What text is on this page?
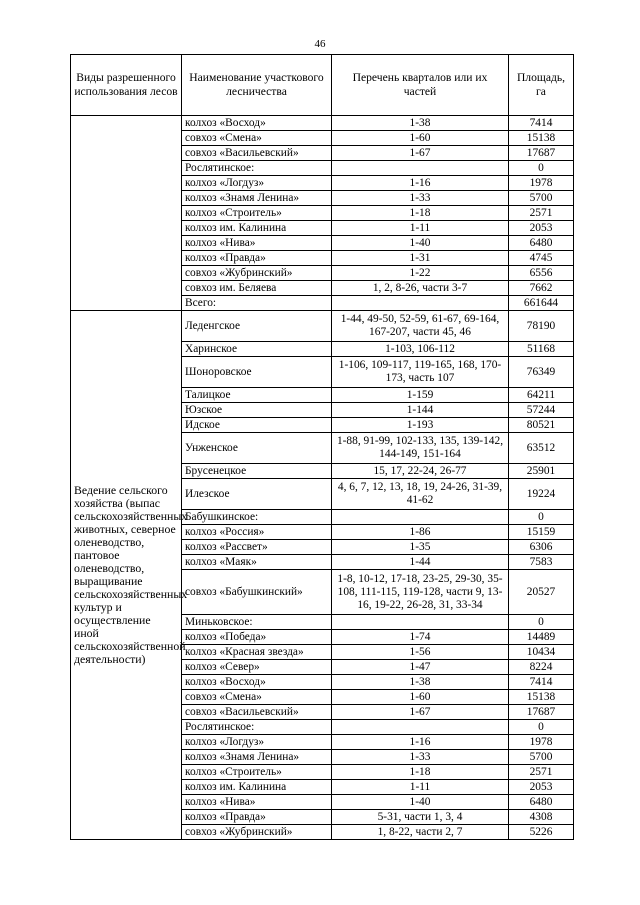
46
Виды разрешенного использования лесов	Наименование участкового лесничества	Перечень кварталов или их частей	Площадь, га
	колхоз «Восход»	1-38	7414
	совхоз «Смена»	1-60	15138
	совхоз «Васильевский»	1-67	17687
	Рослятинское:		0
	колхоз «Логдуз»	1-16	1978
	колхоз «Знамя Ленина»	1-33	5700
	колхоз «Строитель»	1-18	2571
	колхоз им. Калинина	1-11	2053
	колхоз «Нива»	1-40	6480
	колхоз «Правда»	1-31	4745
	совхоз «Жубринский»	1-22	6556
	совхоз им. Беляева	1, 2, 8-26, части 3-7	7662
	Всего:		661644
Ведение сельского хозяйства (выпас сельскохозяйственных животных, северное оленеводство, пантовое оленеводство, выращивание сельскохозяйственных культур и осуществление иной сельскохозяйственной деятельности)	Леденгское	1-44, 49-50, 52-59, 61-67, 69-164, 167-207, части 45, 46	78190
	Харинское	1-103, 106-112	51168
	Шоноровское	1-106, 109-117, 119-165, 168, 170-173, часть 107	76349
	Талицкое	1-159	64211
	Юзское	1-144	57244
	Идское	1-193	80521
	Унженское	1-88, 91-99, 102-133, 135, 139-142, 144-149, 151-164	63512
	Брусенецкое	15, 17, 22-24, 26-77	25901
	Илезское	4, 6, 7, 12, 13, 18, 19, 24-26, 31-39, 41-62	19224
	Бабушкинское:		0
	колхоз «Россия»	1-86	15159
	колхоз «Рассвет»	1-35	6306
	колхоз «Маяк»	1-44	7583
	совхоз «Бабушкинский»	1-8, 10-12, 17-18, 23-25, 29-30, 35-108, 111-115, 119-128, части 9, 13-16, 19-22, 26-28, 31, 33-34	20527
	Миньковское:		0
	колхоз «Победа»	1-74	14489
	колхоз «Красная звезда»	1-56	10434
	колхоз «Север»	1-47	8224
	колхоз «Восход»	1-38	7414
	совхоз «Смена»	1-60	15138
	совхоз «Васильевский»	1-67	17687
	Рослятинское:		0
	колхоз «Логдуз»	1-16	1978
	колхоз «Знамя Ленина»	1-33	5700
	колхоз «Строитель»	1-18	2571
	колхоз им. Калинина	1-11	2053
	колхоз «Нива»	1-40	6480
	колхоз «Правда»	5-31, части 1, 3, 4	4308
	совхоз «Жубринский»	1, 8-22, части 2, 7	5226
